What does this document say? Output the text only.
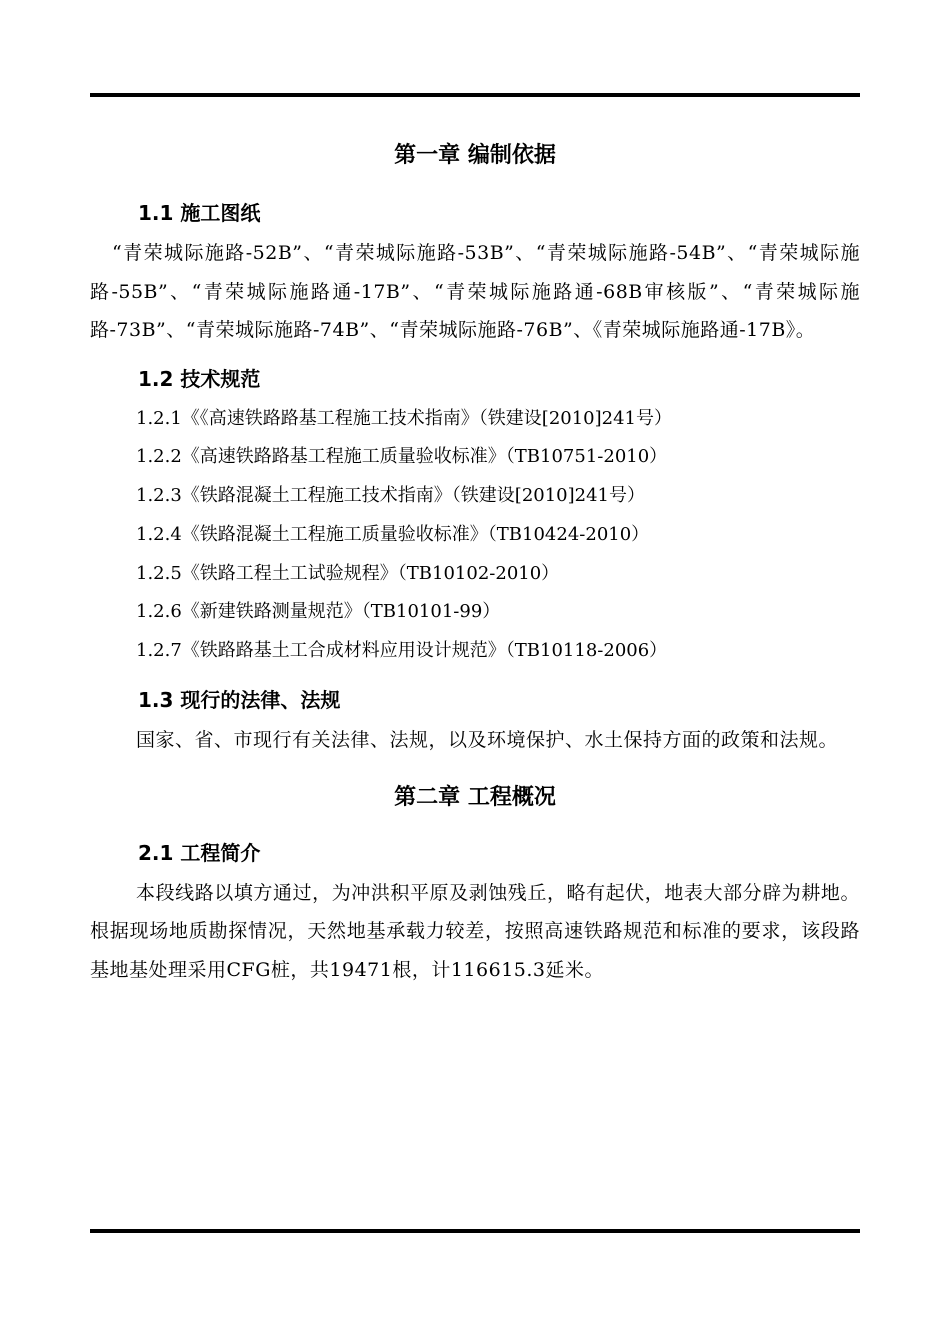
第一章 编制依据
1.1 施工图纸

“青荣城际施路-52B”、“青荣城际施路-53B”、“青荣城际施路-54B”、“青荣城际施路-55B”、“青荣城际施路通-17B”、“青荣城际施路通-68B审核版”、“青荣城际施路-73B”、“青荣城际施路-74B”、“青荣城际施路-76B”、《青荣城际施路通-17B》。

1.2 技术规范

1.2.1《《高速铁路路基工程施工技术指南》（铁建设[2010]241号）

1.2.2《高速铁路路基工程施工质量验收标准》（TB10751-2010）

1.2.3《铁路混凝土工程施工技术指南》（铁建设[2010]241号）

1.2.4《铁路混凝土工程施工质量验收标准》（TB10424-2010）

1.2.5《铁路工程土工试验规程》（TB10102-2010）

1.2.6《新建铁路测量规范》（TB10101-99）

1.2.7《铁路路基土工合成材料应用设计规范》（TB10118-2006）

1.3 现行的法律、法规

国家、省、市现行有关法律、法规，以及环境保护、水土保持方面的政策和法规。

第二章 工程概况
2.1 工程简介

本段线路以填方通过，为冲洪积平原及剥蚀残丘，略有起伏，地表大部分辟为耕地。根据现场地质勘探情况，天然地基承载力较差，按照高速铁路规范和标准的要求，该段路基地基处理采用CFG桩，共19471根，计116615.3延米。
